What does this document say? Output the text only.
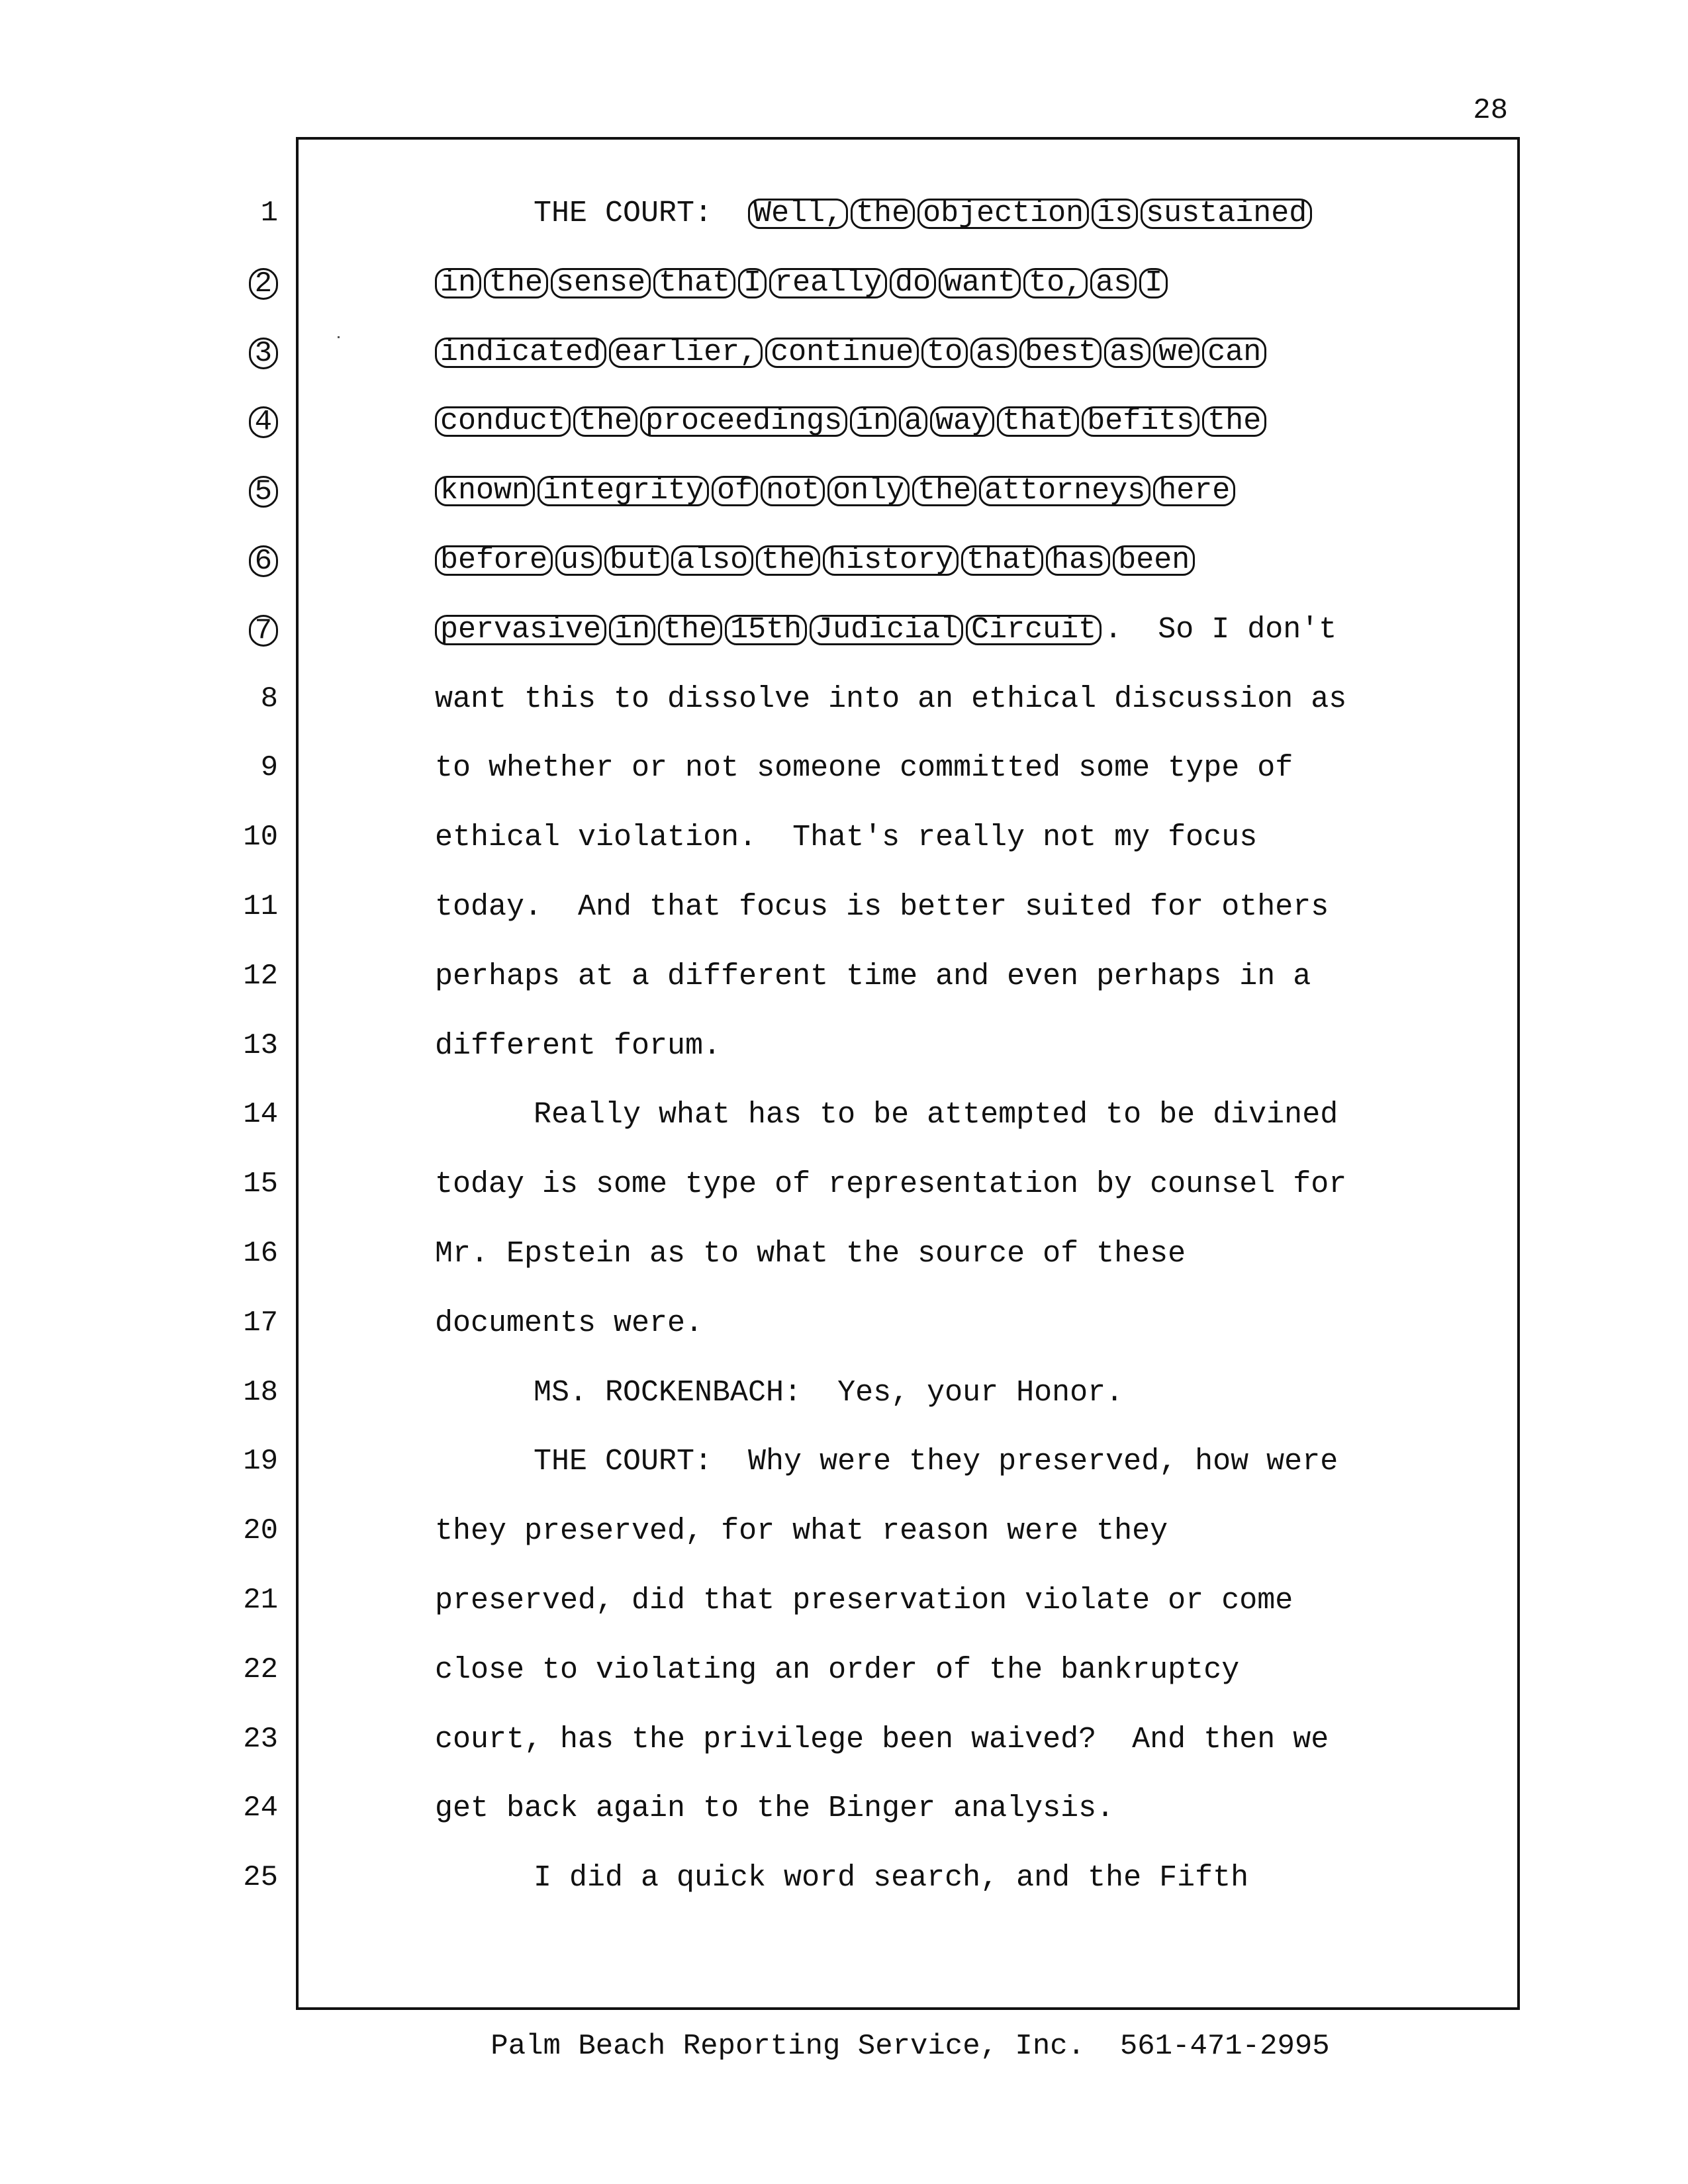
28
1	THE COURT:  Well, the objection is sustained
2	in the sense that I really do want to, as I
3	indicated earlier, continue to as best as we can
4	conduct the proceedings in a way that befits the
5	known integrity of not only the attorneys here
6	before us but also the history that has been
7	pervasive in the 15th Judicial Circuit .  So I don't
8	want this to dissolve into an ethical discussion as
9	to whether or not someone committed some type of
10	ethical violation.  That's really not my focus
11	today.  And that focus is better suited for others
12	perhaps at a different time and even perhaps in a
13	different forum.
14	Really what has to be attempted to be divined
15	today is some type of representation by counsel for
16	Mr. Epstein as to what the source of these
17	documents were.
18	MS. ROCKENBACH:  Yes, your Honor.
19	THE COURT:  Why were they preserved, how were
20	they preserved, for what reason were they
21	preserved, did that preservation violate or come
22	close to violating an order of the bankruptcy
23	court, has the privilege been waived?  And then we
24	get back again to the Binger analysis.
25	I did a quick word search, and the Fifth
Palm Beach Reporting Service, Inc.  561-471-2995
